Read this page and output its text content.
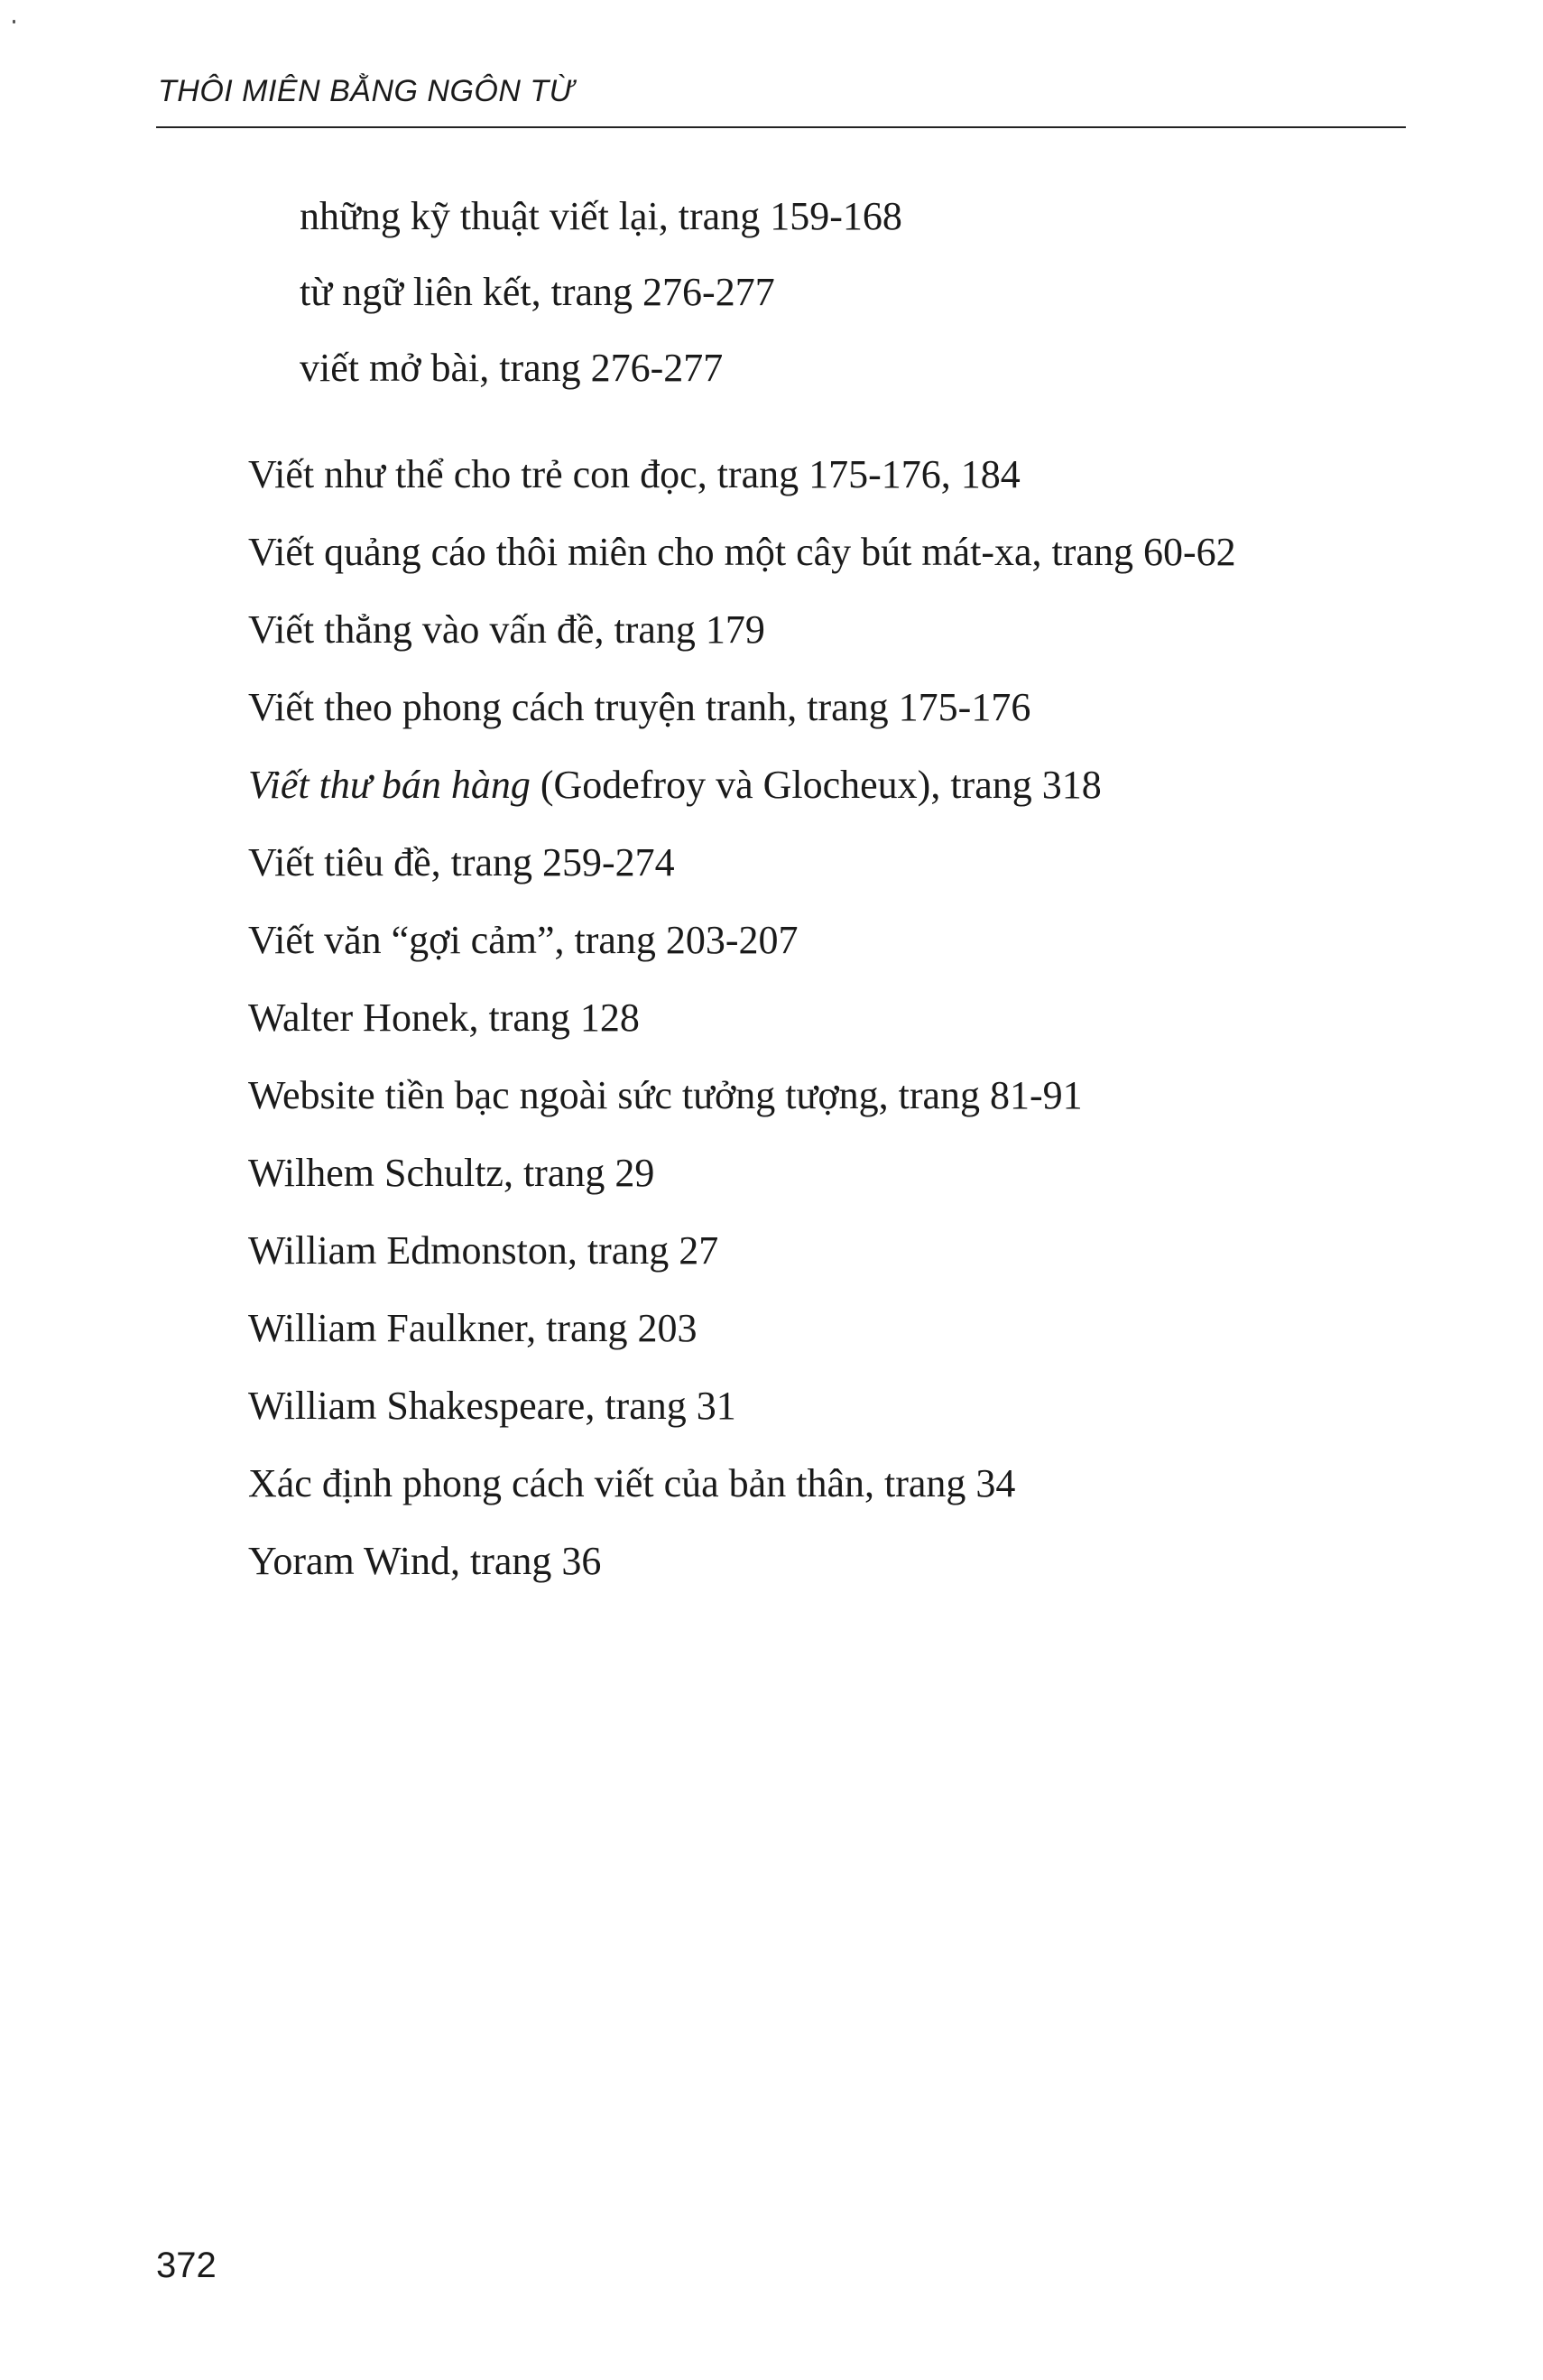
THÔI MIÊN BẰNG NGÔN TỪ
những kỹ thuật viết lại, trang 159-168
từ ngữ liên kết, trang 276-277
viết mở bài, trang 276-277
Viết như thể cho trẻ con đọc, trang 175-176, 184
Viết quảng cáo thôi miên cho một cây bút mát-xa, trang 60-62
Viết thẳng vào vấn đề, trang 179
Viết theo phong cách truyện tranh, trang 175-176
Viết thư bán hàng (Godefroy và Glocheux), trang 318
Viết tiêu đề, trang 259-274
Viết văn “gợi cảm”, trang 203-207
Walter Honek, trang 128
Website tiền bạc ngoài sức tưởng tượng, trang 81-91
Wilhem Schultz, trang 29
William Edmonston, trang 27
William Faulkner, trang 203
William Shakespeare, trang 31
Xác định phong cách viết của bản thân, trang 34
Yoram Wind, trang 36
372
